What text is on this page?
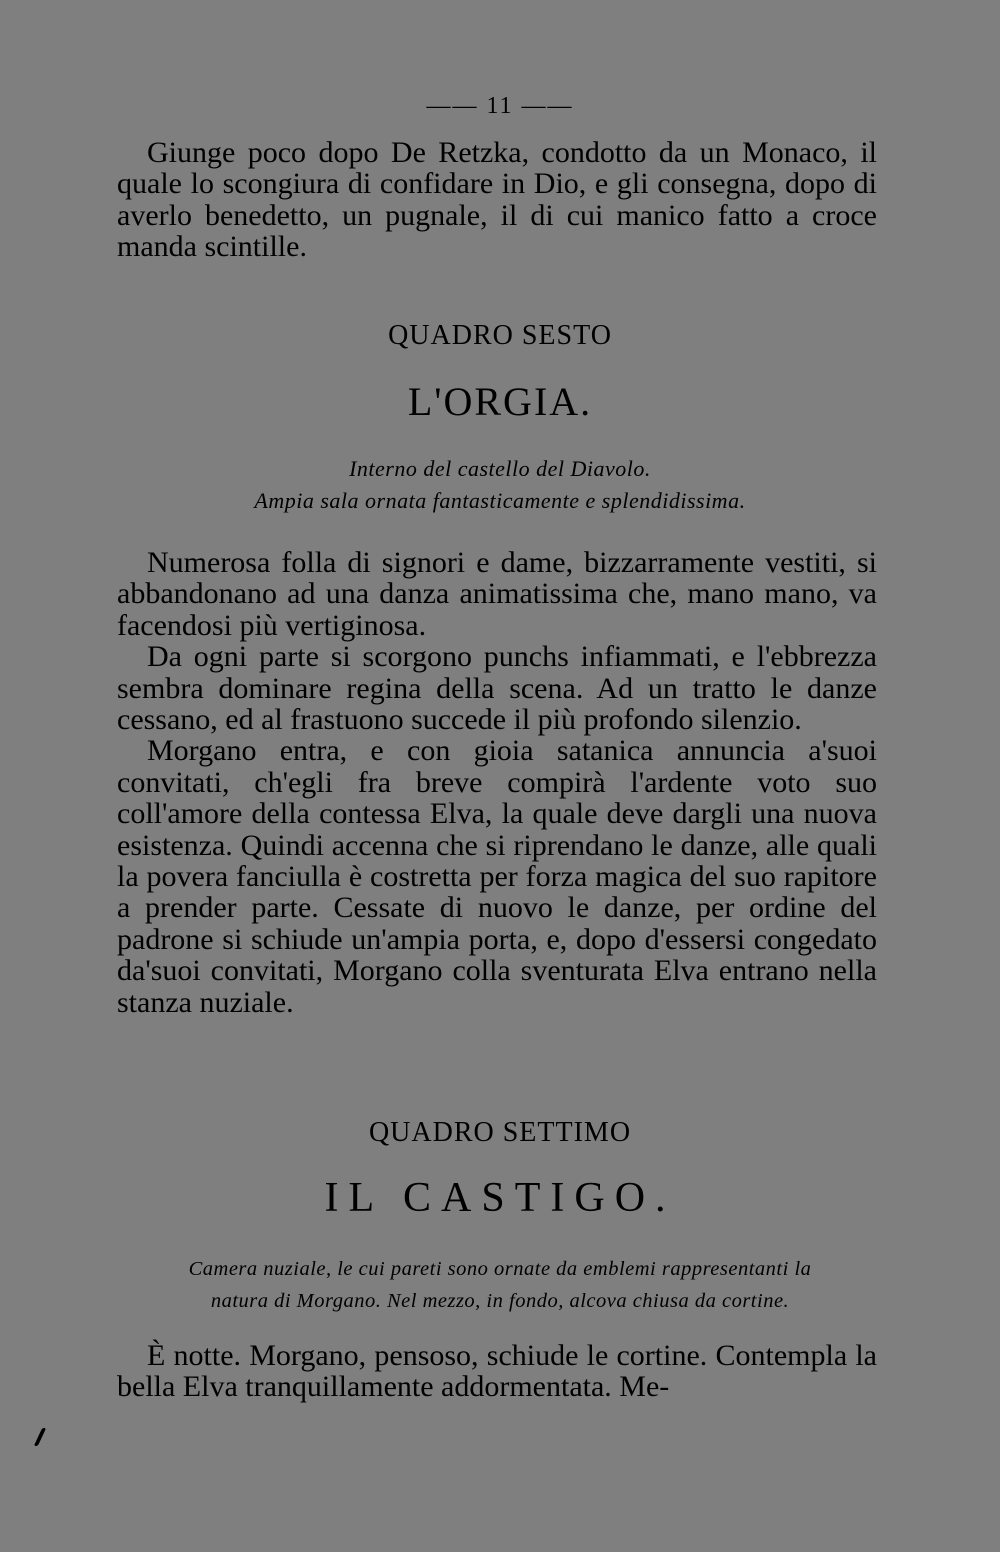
—— 11 ——

Giunge poco dopo De Retzka, condotto da un Monaco, il quale lo scongiura di confidare in Dio, e gli consegna, dopo di averlo benedetto, un pugnale, il di cui manico fatto a croce manda scintille.

QUADRO SESTO
L'ORGIA.
Interno del castello del Diavolo.
Ampia sala ornata fantasticamente e splendidissima.

Numerosa folla di signori e dame, bizzarramente vestiti, si abbandonano ad una danza animatissima che, mano mano, va facendosi più vertiginosa.

Da ogni parte si scorgono punchs infiammati, e l'ebbrezza sembra dominare regina della scena. Ad un tratto le danze cessano, ed al frastuono succede il più profondo silenzio.

Morgano entra, e con gioia satanica annuncia a'suoi convitati, ch'egli fra breve compirà l'ardente voto suo coll'amore della contessa Elva, la quale deve dargli una nuova esistenza. Quindi accenna che si riprendano le danze, alle quali la povera fanciulla è costretta per forza magica del suo rapitore a prender parte. Cessate di nuovo le danze, per ordine del padrone si schiude un'ampia porta, e, dopo d'essersi congedato da'suoi convitati, Morgano colla sventurata Elva entrano nella stanza nuziale.

QUADRO SETTIMO
IL CASTIGO.
Camera nuziale, le cui pareti sono ornate da emblemi rappresentanti la
natura di Morgano. Nel mezzo, in fondo, alcova chiusa da cortine.

È notte. Morgano, pensoso, schiude le cortine. Contempla la bella Elva tranquillamente addormentata. Me-
